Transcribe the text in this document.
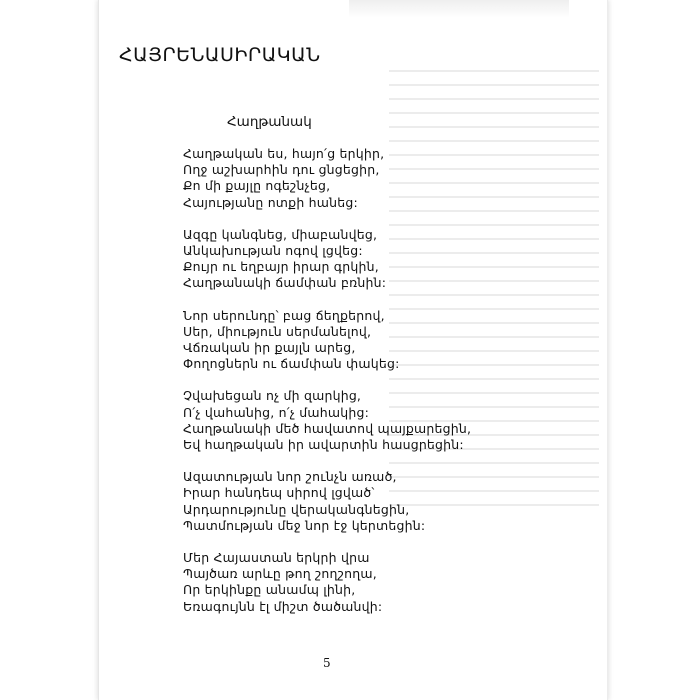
ՀԱՅՐԵՆԱՍԻՐԱԿԱՆ
Հաղթանակ
Հաղթական ես, հայո՛ց երկիր,
Ողջ աշխարհին դու ցնցեցիր,
Քո մի քայլը ոգեշնչեց,
Հայությանը ոտքի հանեց:
Ազգը կանգնեց, միաբանվեց,
Անկախության ոգով լցվեց:
Քույր ու եղբայր իրար գրկին,
Հաղթանակի ճամփան բռնին:
Նոր սերունդը՝ բաց ճեղքերով,
Սեր, միություն սերմանելով,
Վճռական իր քայլն արեց,
Փողոցներն ու ճամփան փակեց:
Չվախեցան ոչ մի զարկից,
Ո՛չ վահանից, ո՛չ մահակից:
Հաղթանակի մեծ հավատով պայքարեցին,
Եվ հաղթական իր ավարտին հասցրեցին:
Ազատության նոր շունչն առած,
Իրար հանդեպ սիրով լցված՝
Արդարությունը վերականգնեցին,
Պատմության մեջ նոր էջ կերտեցին:
Մեր Հայաստան երկրի վրա
Պայծառ արևը թող շողշողա,
Որ երկինքը անամպ լինի,
Եռագույնն էլ միշտ ծածանվի:
5
